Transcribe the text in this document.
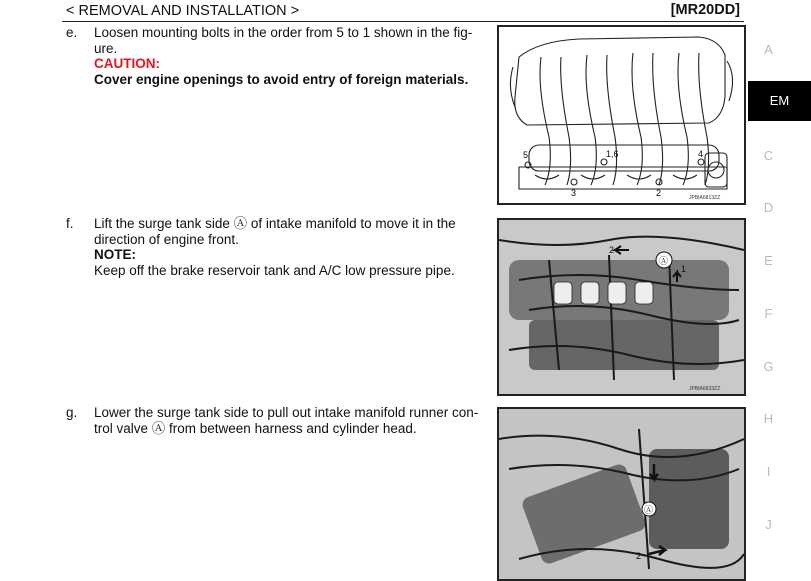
< REMOVAL AND INSTALLATION >	[MR20DD]
e. Loosen mounting bolts in the order from 5 to 1 shown in the fig-
ure.
CAUTION:
Cover engine openings to avoid entry of foreign materials.
f. Lift the surge tank side Ⓐ of intake manifold to move it in the
direction of engine front.
NOTE:
Keep off the brake reservoir tank and A/C low pressure pipe.
g. Lower the surge tank side to pull out intake manifold runner con-
trol valve Ⓐ from between harness and cylinder head.
5	1,6	4
3	2	JPBIA6813ZZ
Ⓐ
2
1
JPBIA6833ZZ
Ⓐ
2
A
EM
C
D
E
F
G
H
I
J
